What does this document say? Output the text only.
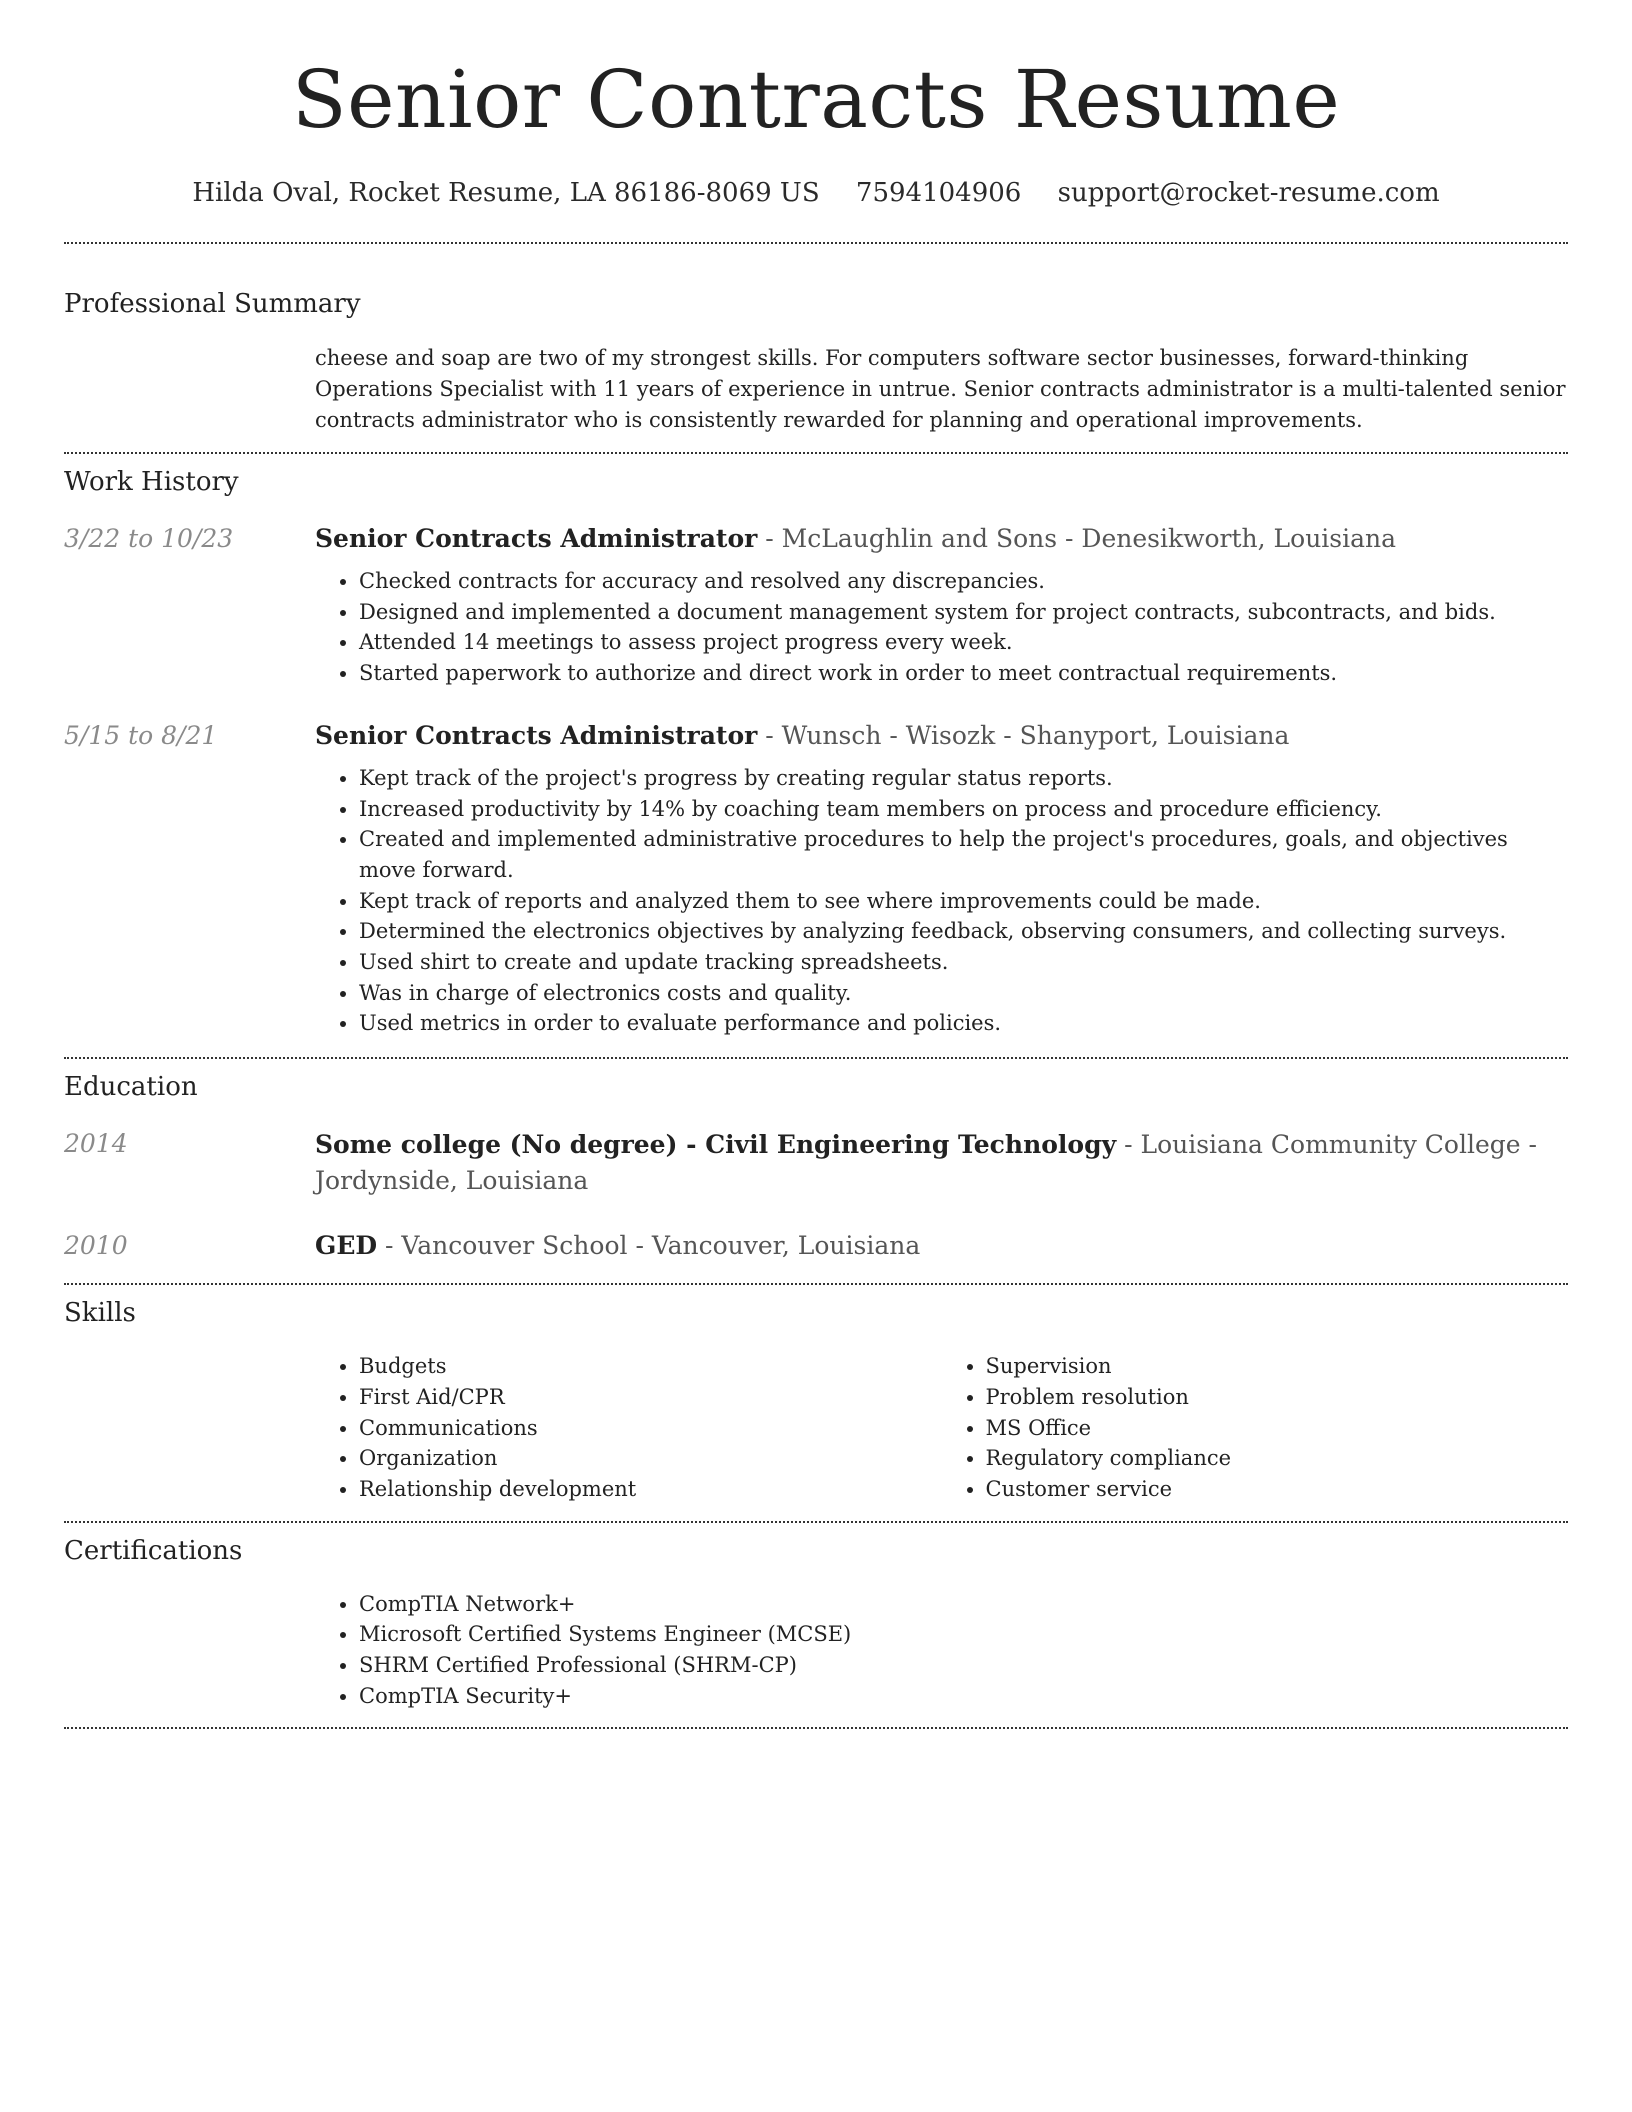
Senior Contracts Resume
Hilda Oval, Rocket Resume, LA 86186-8069 US 7594104906 support@rocket-resume.com
Professional Summary

cheese and soap are two of my strongest skills. For computers software sector businesses, forward-thinking Operations Specialist with 11 years of experience in untrue. Senior contracts administrator is a multi-talented senior contracts administrator who is consistently rewarded for planning and operational improvements.

Work History
3/22 to 10/23	Senior Contracts Administrator - McLaughlin and Sons - Denesikworth, Louisiana
• Checked contracts for accuracy and resolved any discrepancies.
• Designed and implemented a document management system for project contracts, subcontracts, and bids.
• Attended 14 meetings to assess project progress every week.
• Started paperwork to authorize and direct work in order to meet contractual requirements.
5/15 to 8/21	Senior Contracts Administrator - Wunsch - Wisozk - Shanyport, Louisiana
• Kept track of the project's progress by creating regular status reports.
• Increased productivity by 14% by coaching team members on process and procedure efficiency.
• Created and implemented administrative procedures to help the project's procedures, goals, and objectives move forward.
• Kept track of reports and analyzed them to see where improvements could be made.
• Determined the electronics objectives by analyzing feedback, observing consumers, and collecting surveys.
• Used shirt to create and update tracking spreadsheets.
• Was in charge of electronics costs and quality.
• Used metrics in order to evaluate performance and policies.
Education
2014	Some college (No degree) - Civil Engineering Technology - Louisiana Community College - Jordynside, Louisiana
2010	GED - Vancouver School - Vancouver, Louisiana
Skills
• Budgets
• First Aid/CPR
• Communications
• Organization
• Relationship development
• Supervision
• Problem resolution
• MS Office
• Regulatory compliance
• Customer service
Certifications
• CompTIA Network+
• Microsoft Certified Systems Engineer (MCSE)
• SHRM Certified Professional (SHRM-CP)
• CompTIA Security+
